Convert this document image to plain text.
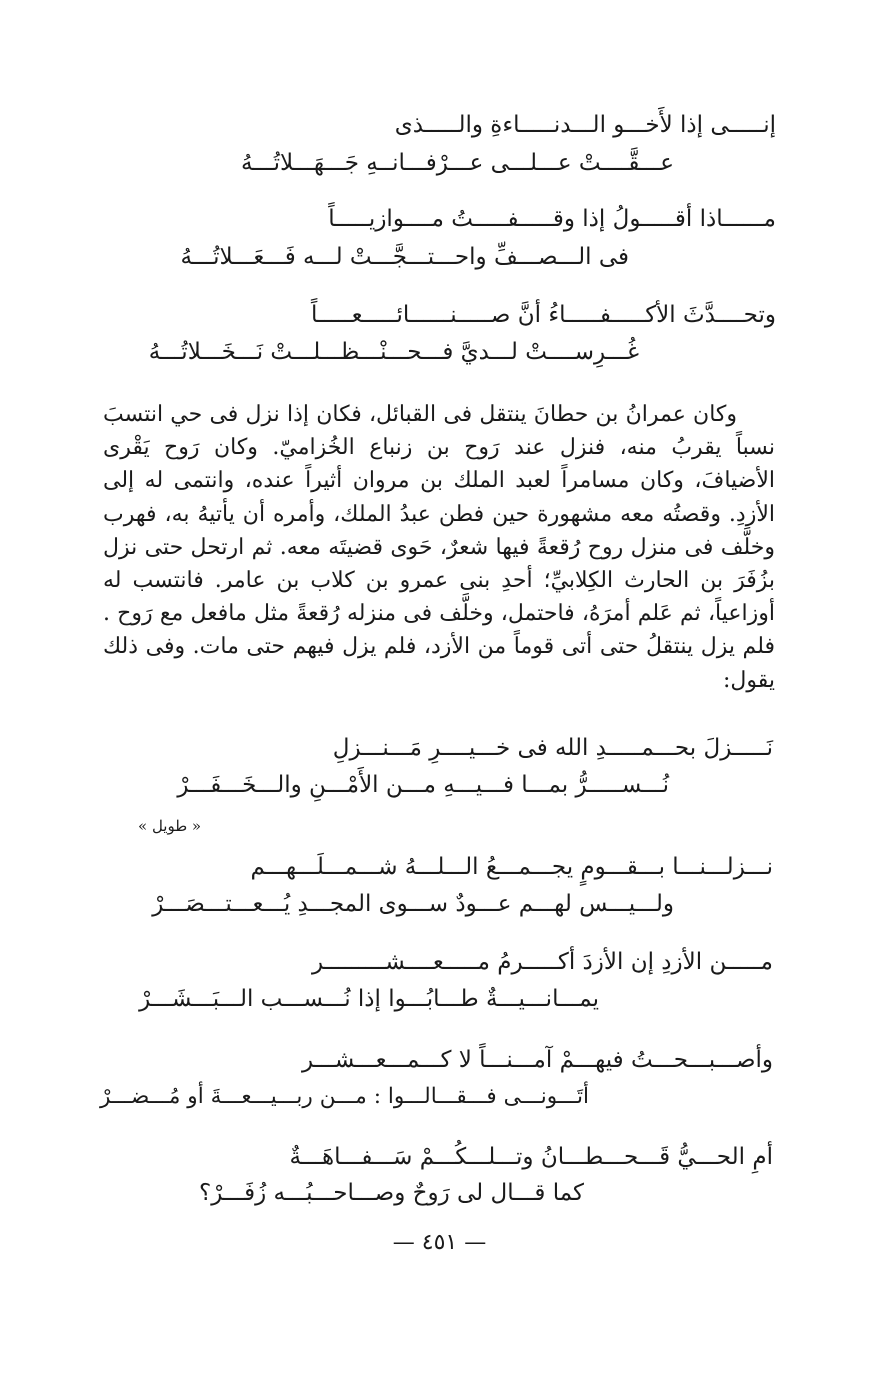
إنـــــى إذا لأَخـــو الـــدنـــــاءةِ والـــــذى
عـــقَّــــتْ عـــلـــى عـــرْفـــانــهِ جَـــهَـــلاتُـــهُ
مــــــاذا أقـــــولُ إذا وقـــــفـــــتُ مــــوازيـــــاً
فى الـــصـــفِّ واحـــتـــجَّـــتْ لـــه فَـــعَـــلاتُـــهُ
وتحــــدَّثَ الأكـــــفـــــاءُ أنَّ صـــــنــــــائـــــعـــــاً
غُـــرِســــتْ لـــديَّ فـــحـــنْـــظـــلـــتْ نَـــخَـــلاتُـــهُ

وكان عمرانُ بن حطانَ ينتقل فى القبائل، فكان إذا نزل فى حي انتسبَ نسباً يقربُ منه، فنزل عند رَوح بن زنباع الخُزاميّ. وكان رَوح يَقْرى الأضيافَ، وكان مسامراً لعبد الملك بن مروان أثيراً عنده، وانتمى له إلى الأزدِ. وقصتُه معه مشهورة حين فطن عبدُ الملك، وأمره أن يأتيهُ به، فهرب وخلَّف فى منزل روح رُقعةً فيها شعرٌ، حَوى قضيتَه معه. ثم ارتحل حتى نزل بزُفَرَ بن الحارث الكِلابيِّ؛ أحدِ بنى عمرو بن كلاب بن عامر. فانتسب له أوزاعياً، ثم عَلم أمرَهُ، فاحتمل، وخلَّف فى منزله رُقعةً مثل مافعل مع رَوح . فلم يزل ينتقلُ حتى أتى قوماً من الأزد، فلم يزل فيهم حتى مات. وفى ذلك يقول:

نَـــــزلَ بحـــمـــــدِ الله فى خـــيــــرِ مَـــنـــزلِ
نُـــســـــرُّ بمـــا فـــيـــهِ مـــن الأَمْـــنِ والـــخَـــفَـــرْ
« طويل »
نـــزلـــنـــا بـــقـــومٍ يجـــمـــعُ الـــلـــهُ شـــمـــلَـــهـــم
ولـــيـــس لهـــم عـــودٌ ســـوى المجـــدِ يُـــعـــتـــصَـــرْ
مـــــن الأزدِ إن الأزدَ أكـــــرمُ مـــــعــــشـــــــــر
يمـــانـــيـــةٌ طـــابُـــوا إذا نُـــســـب الـــبَـــشَـــرْ
وأصـــبـــحـــتُ فيهـــمْ آمـــنـــاً لا كـــمـــعـــشـــر
أتَـــونـــى فـــقـــالـــوا : مـــن ربـــيـــعـــةَ أو مُـــضـــرْ
أمِ الحـــيُّ قَـــحـــطـــانُ وتـــلـــكُـــمْ سَـــفـــاهَـــةٌ
كما قـــال لى رَوحٌ وصـــاحـــبُـــه زُفَـــرْ؟
— ٤٥١ —
